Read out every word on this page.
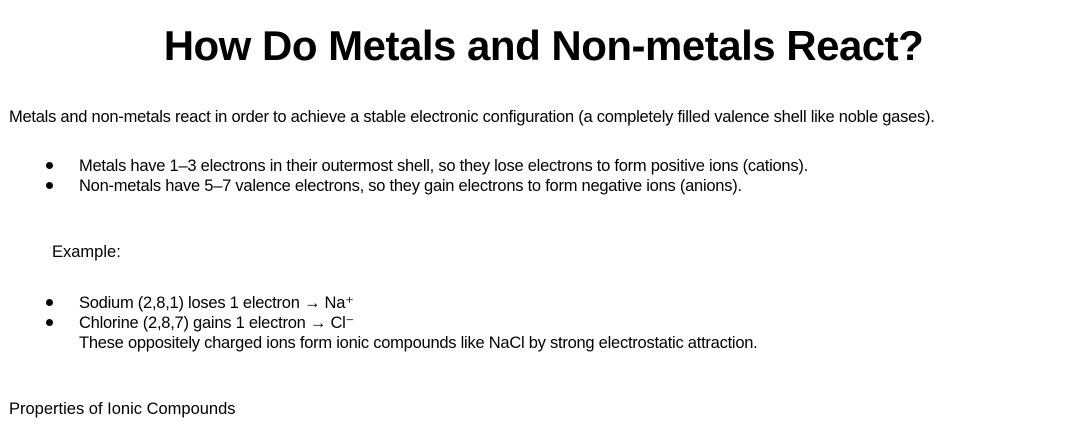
How Do Metals and Non-metals React?

Metals and non-metals react in order to achieve a stable electronic configuration (a completely filled valence shell like noble gases).

Metals have 1–3 electrons in their outermost shell, so they lose electrons to form positive ions (cations).
Non-metals have 5–7 valence electrons, so they gain electrons to form negative ions (anions).

Example:

Sodium (2,8,1) loses 1 electron → Na⁺
Chlorine (2,8,7) gains 1 electron → Cl⁻
These oppositely charged ions form ionic compounds like NaCl by strong electrostatic attraction.

Properties of Ionic Compounds
